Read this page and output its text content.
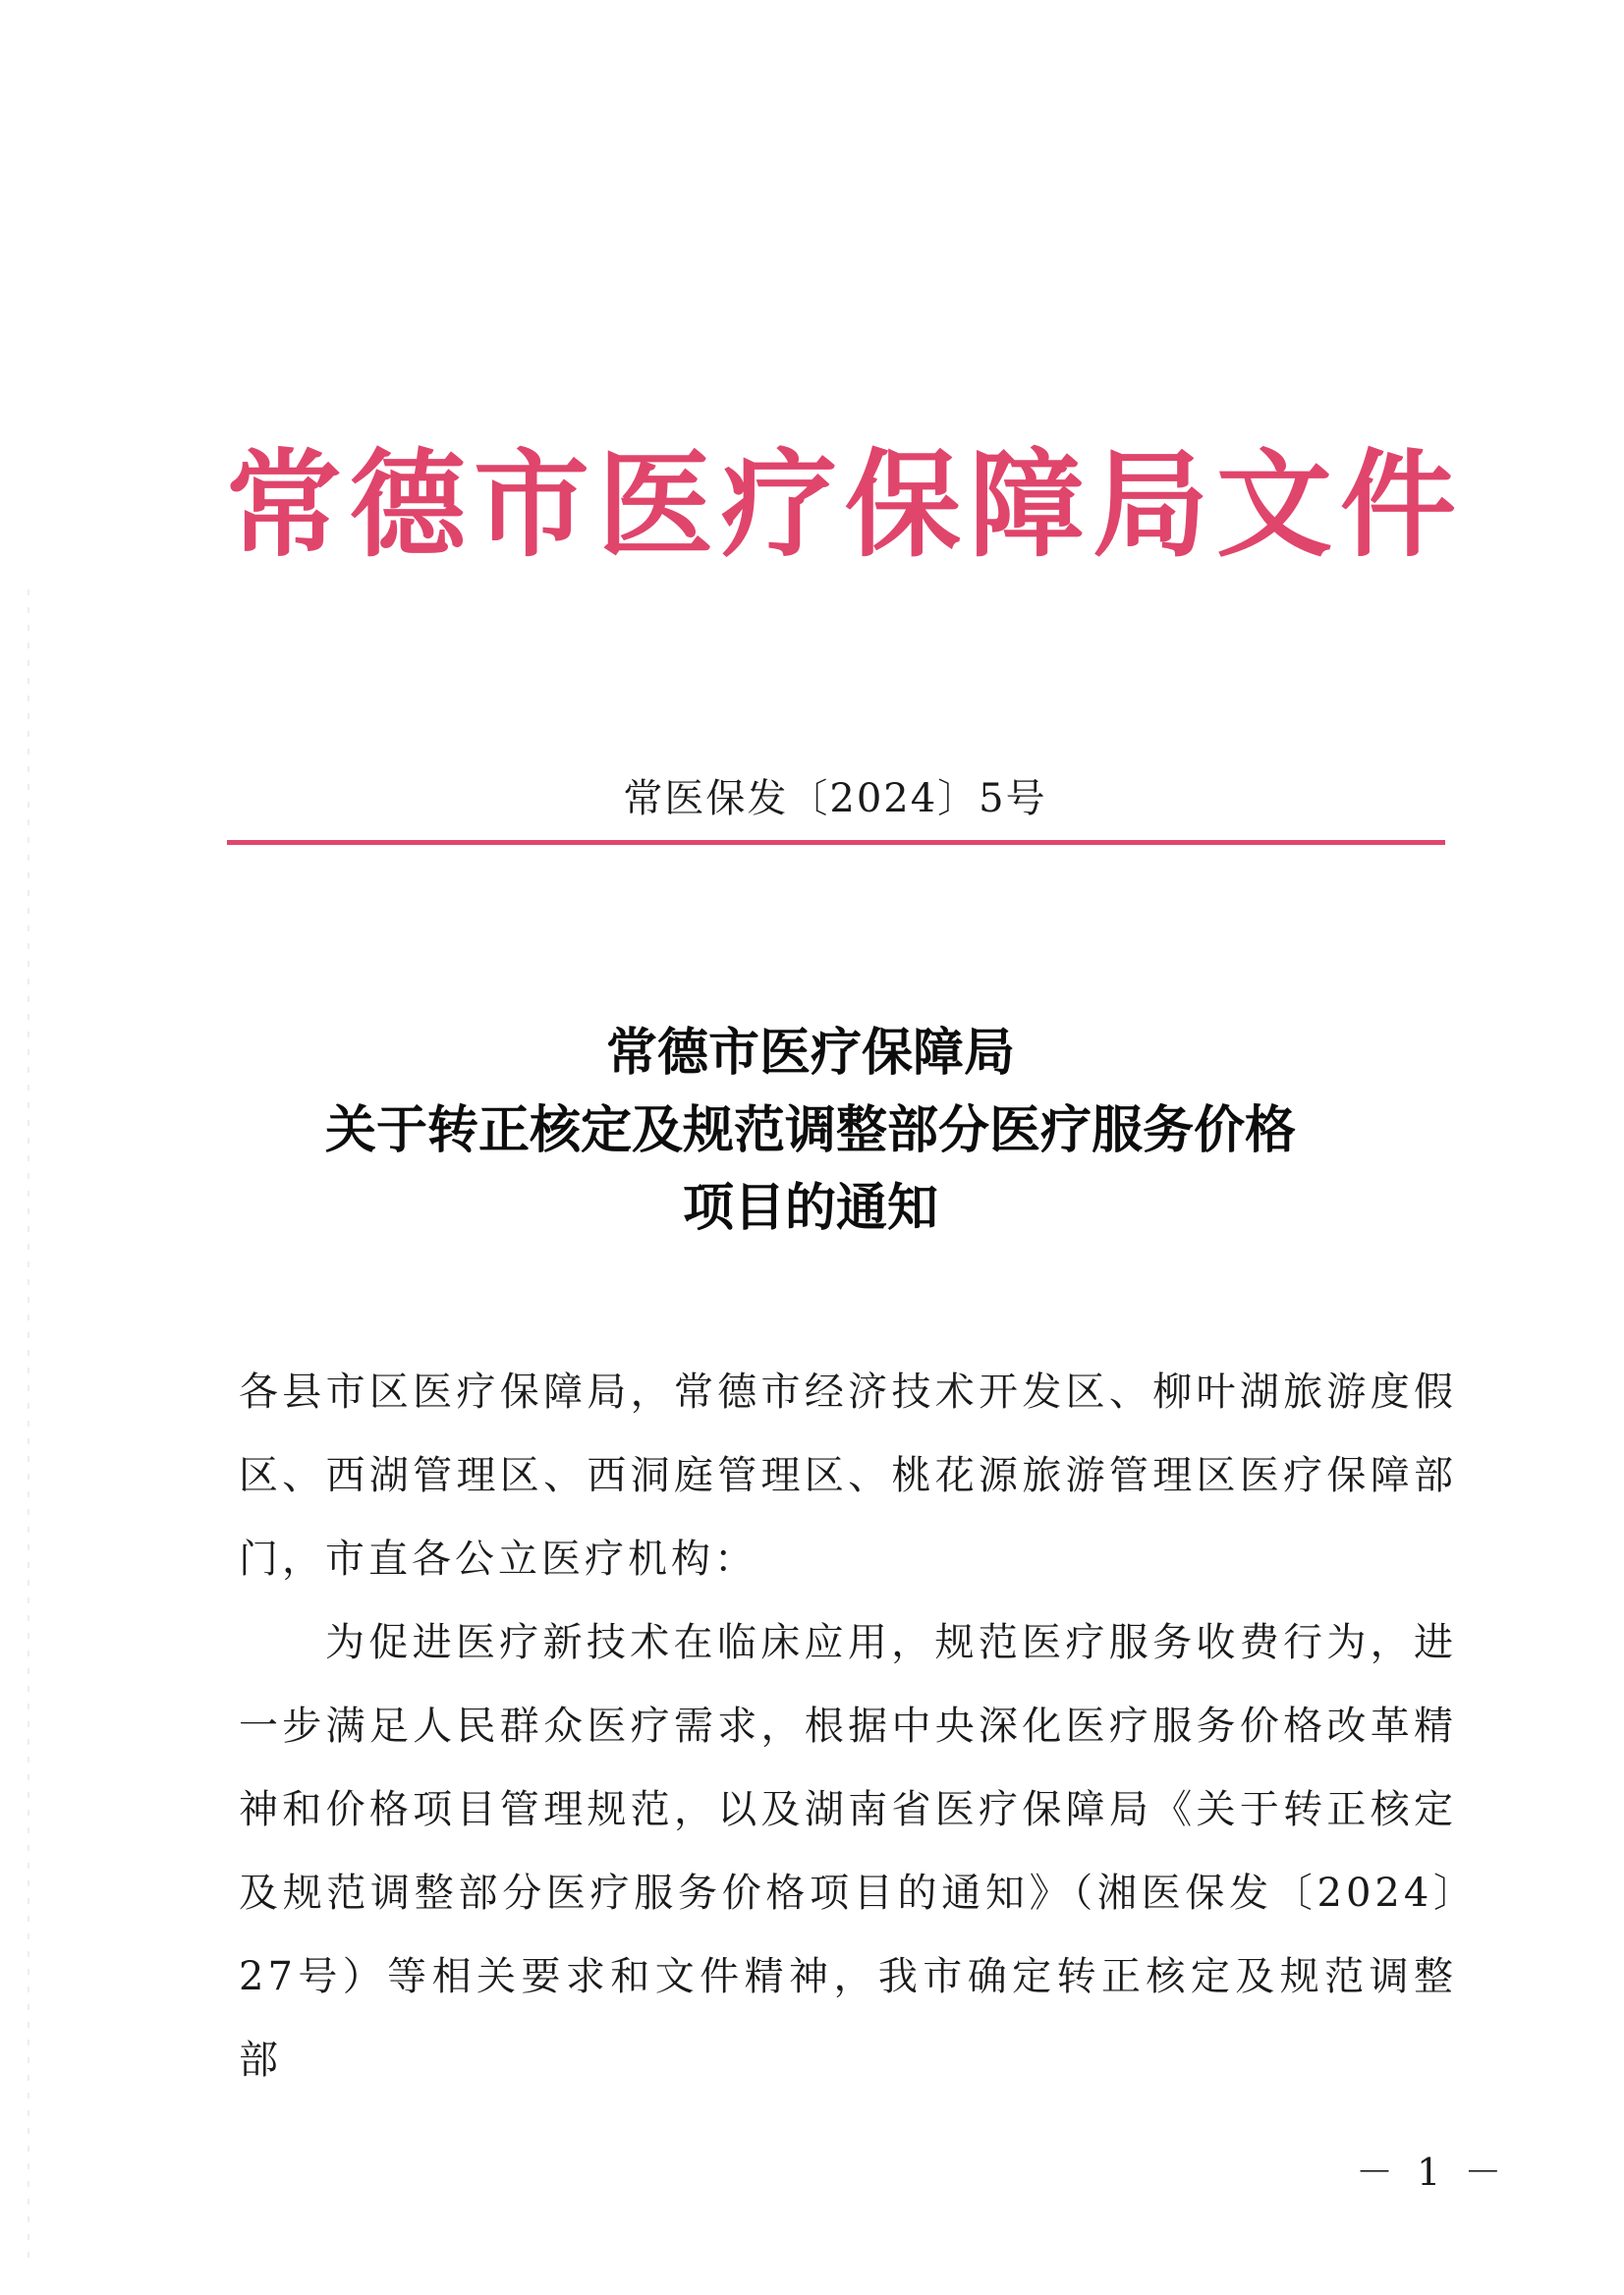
常德市医疗保障局文件
常医保发〔2024〕5号
常德市医疗保障局
关于转正核定及规范调整部分医疗服务价格
项目的通知

各县市区医疗保障局，常德市经济技术开发区、柳叶湖旅游度假区、西湖管理区、西洞庭管理区、桃花源旅游管理区医疗保障部门，市直各公立医疗机构：

为促进医疗新技术在临床应用，规范医疗服务收费行为，进一步满足人民群众医疗需求，根据中央深化医疗服务价格改革精神和价格项目管理规范，以及湖南省医疗保障局《关于转正核定及规范调整部分医疗服务价格项目的通知》（湘医保发〔2024〕27号）等相关要求和文件精神，我市确定转正核定及规范调整部

－ 1 －
